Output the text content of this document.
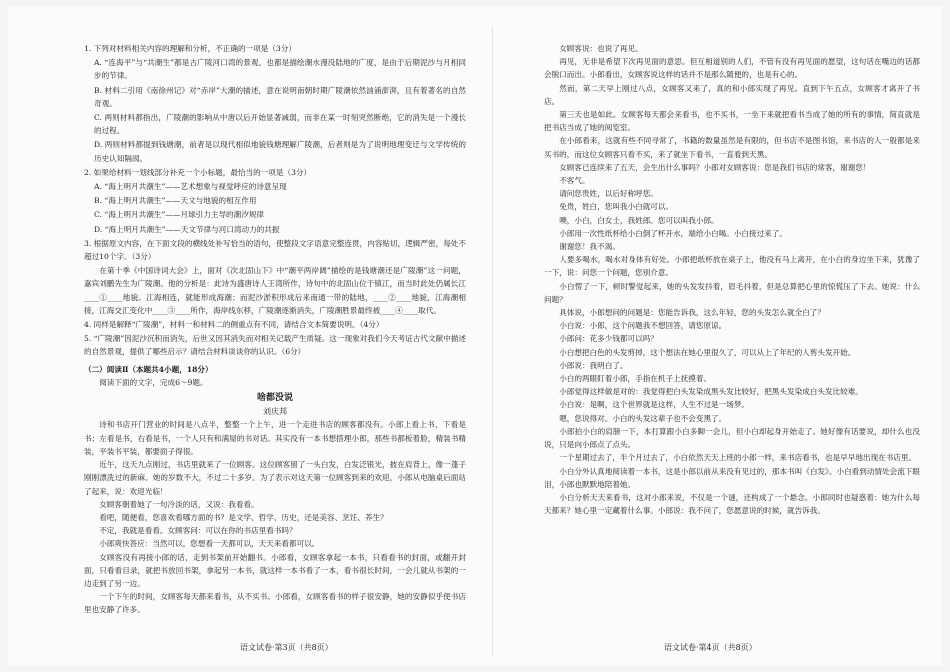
1. 下列对材料相关内容的理解和分析，不正确的一项是（3分）

A. “连海平”与“共潮生”都是古广陵河口湾的景观，也都是描绘潮水漫没陆地的广度，是由于后期泥沙与月相同步的节律。

B. 材料二引用《南徐州记》对“赤岸”大潮的描述，意在说明南朝时期广陵潮依然汹涌澎湃，且有着著名的自然奇观。

C. 两则材料都指出，广陵潮的影响从中唐以后开始显著减弱，而非在某一时刻突然断绝，它的消失是一个漫长的过程。

D. 两则材料都提到钱塘潮，前者是以现代相似地貌钱塘理解广陵潮，后者则是为了说明地理变迁与文学传统的历史认知隔阂。

2. 如果给材料一划线部分补充一个小标题，最恰当的一项是（3分）

A. “海上明月共潮生”——艺术想象与视觉呼应的诗意呈现

B. “海上明月共潮生”——天文与地貌的相互作用

C. “海上明月共潮生”——月球引力主导的潮汐规律

D. “海上明月共潮生”——天文节律与河口湾动力的共振

3. 根据原文内容，在下面文段的横线处补写恰当的语句，使整段文字语意完整连贯，内容贴切，逻辑严密，每处不超过10个字。（3分）

在第十季《中国诗词大会》上，面对《次北固山下》中“潮平两岸阔”描绘的是钱塘潮还是广陵潮”这一问题，嘉宾刘鹏先生为广陵潮。他的分析是：此诗为盛唐诗人王湾所作，诗句中的北固山位于镇江，而当时此处仍属长江____①____地貌。江海相连，就能形成海潮；而泥沙淤积形成后来南通一带的陆地，____②____地貌，江海潮相接，江海交汇变化中____③____所作，海岸线东移，广陵潮逐渐消失，广陵潮胜景最终被____④____取代。

4. 同样是解释“广陵潮”，材料一和材料二的侧重点有不同，请结合文本简要说明。（4分）

5. “广陵潮”因泥沙沉积而消失，后世又因其消失而对相关记载产生质疑。这一现象对我们今天考证古代文献中描述的自然景观，提供了哪些启示？请结合材料谈谈你的认识。（6分）

（二）阅读Ⅱ（本题共4小题，18分）

阅读下面的文字，完成6～9题。

啥都没说

刘庆邦

诗和书店开门营业的时间是八点半，整整一个上午，进一个走进书店的顾客都没有。小郎上看上书，下看是书；左看是书，右看是书，一个人只有和满屋的书对话。其实没有一本书想搭理小郎，那些书都板着脸，精装书精装，平装书平装，都要面子得很。

近午，这天九点刚过，书店里就来了一位顾客。这位顾客留了一头白发，白发泛银光，披在肩背上，像一蓬子刚刚漂洗过的新麻。她的岁数不大，不过二十多岁。为了表示对这天第一位顾客到来的欢迎，小郎从电脑桌后面站了起来，说：欢迎光临！

女顾客朝着她了一句冷淡的话，又说：我看看。

看吧，随便看，您喜欢看哪方面的书？是文学、哲学、历史，还是美容、烹饪、养生？

不定，我就是看看。女顾客问：可以在你的书店里看书吗？

小郎爽快答应：当然可以，您想看一天都可以，天天来看都可以。

女顾客没有再接小郎的话，走到书架前开始翻书。小郎看，女顾客拿起一本书，只看看书的封面，或翻开封面，只看看目录，就把书放回书架，拿起另一本书，就这样一本书看了一本，看书很长时间，一会儿就从书架的一边走到了另一边。

一个下午的时间，女顾客每天都来看书，从不买书。小郎看，女顾客看书的样子很安静，她的安静似乎使书店里也安静了许多。

女顾客说：也说了再见。

再见，无非是希望下次再见面的意思。但互相道别的人们，不管有没有再见面的愿望，这句话在嘴边的话都会脱口而出。小郎看出，女顾客说这样的话并不是那么随便的，也是有心的。

然而，第二天早上刚过八点，女顾客又来了，真的和小郎实现了再见。直到下午五点，女顾客才离开了书店。

第三天也是如此。女顾客每天都会来看书，也不买书，一坐下来就把看书当成了她的所有的事情，简直就是把书店当成了她的阅览室。

在小郎看来，这就有些不同寻常了，书籍的数量虽然是有限的，但书店不是图书馆，来书店的人一般都是来买书的，而这位女顾客只看不买，来了就坐下看书，一直看到天黑。

女顾客已连续来了五天，会生出什么事吗？小郎对女顾客说：您是我们书店的常客，谢谢您！

不客气。

请问您贵姓，以后好称呼您。

免贵，姓白，您叫我小白就可以。

噢，小白，白女士，我姓郎。您可以叫我小郎。

小郎用一次性纸杯给小白倒了杯开水，端给小白喝。小白接过来了。

谢谢您！我不渴。

人要多喝水，喝水对身体有好处。小郎把纸杯放在桌子上，他没有马上离开，在小白的身边坐下来，犹豫了一下，说：问您一个问题，您别介意。

小白愣了一下，顿时警觉起来，她的头发发抖着，眉毛抖着，但是总算把心里的惊慌压了下去。她说：什么问题？

具体说，小郎想问的问题是：您能告诉我，这么年轻，您的头发怎么就全白了？

小白说：小郎，这个问题我不想回答，请您原谅。

小郎问：花多少钱都可以吗？

小白想把白色的头发剪掉，这个想法在她心里很久了，可以从上了年纪的人剪头发开始。

小郎说：我明白了。

小白的两眼盯着小郎，手指在机子上抚摸着。

小郎觉得这样做是对的：我觉得把白头发染成黑头发比较好，把黑头发染成白头发比较难。

小白说：是啊，这个世界就是这样，人生不过是一场梦。

嗯，您说得对。小白的头发这辈子也不会变黑了。

小郎拍小白的肩膀一下，本打算跟小白多聊一会儿，但小白却起身开始走了。她好像有话要说，却什么也没说，只是向小郎点了点头。

一个星期过去了，半个月过去了，小白依然天天上班的小郎一样，来书店看书，也是早早地出现在书店里。

小白分外认真地阅读着一本书，这是小郎以前从来没有见过的，那本书叫《白发》。小白看到动情处会流下眼泪，小郎也默默地陪着她。

小白分析天天来看书，这对小郎来说，不仅是一个谜，还构成了一个悬念。小郎同时也疑惑着：她为什么每天都来？她心里一定藏着什么事。小郎说：我不问了，您愿意说的时候，就告诉我。

语文试卷·第3页（共8页）	语文试卷·第4页（共8页）
